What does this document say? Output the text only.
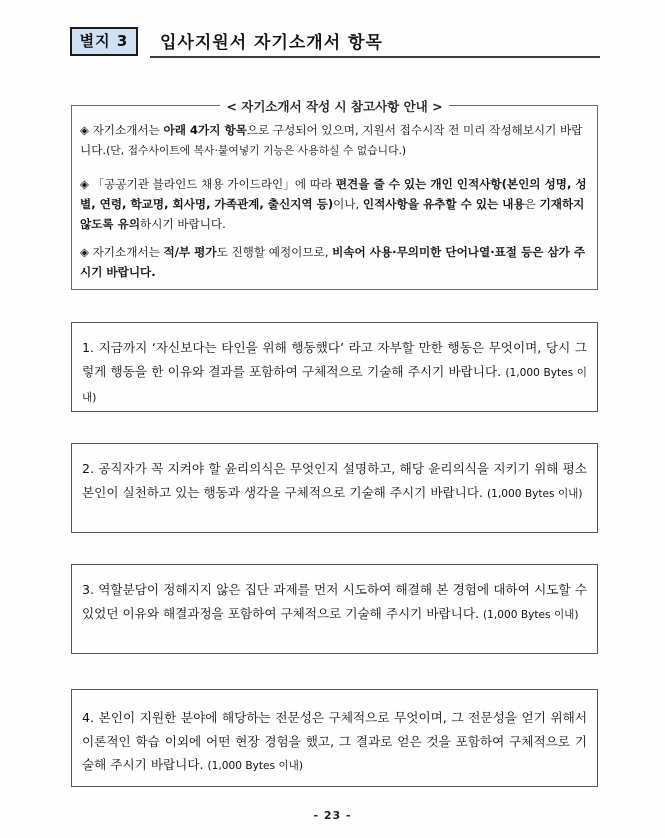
별지 3	입사지원서 자기소개서 항목
< 자기소개서 작성 시 참고사항 안내 >
◈ 자기소개서는 아래 4가지 항목으로 구성되어 있으며, 지원서 접수시작 전 미리 작성해보시기 바랍니다.(단, 접수사이트에 복사·붙여넣기 기능은 사용하실 수 없습니다.)
◈ 「공공기관 블라인드 채용 가이드라인」에 따라 편견을 줄 수 있는 개인 인적사항(본인의 성명, 성별, 연령, 학교명, 회사명, 가족관계, 출신지역 등)이나, 인적사항을 유추할 수 있는 내용은 기재하지 않도록 유의하시기 바랍니다.
◈ 자기소개서는 적/부 평가도 진행할 예정이므로, 비속어 사용·무의미한 단어나열·표절 등은 삼가 주시기 바랍니다.
1. 지금까지 ‘자신보다는 타인을 위해 행동했다’ 라고 자부할 만한 행동은 무엇이며, 당시 그렇게 행동을 한 이유와 결과를 포함하여 구체적으로 기술해 주시기 바랍니다. (1,000 Bytes 이내)
2. 공직자가 꼭 지켜야 할 윤리의식은 무엇인지 설명하고, 해당 윤리의식을 지키기 위해 평소 본인이 실천하고 있는 행동과 생각을 구체적으로 기술해 주시기 바랍니다. (1,000 Bytes 이내)
3. 역할분담이 정해지지 않은 집단 과제를 먼저 시도하여 해결해 본 경험에 대하여 시도할 수 있었던 이유와 해결과정을 포함하여 구체적으로 기술해 주시기 바랍니다. (1,000 Bytes 이내)
4. 본인이 지원한 분야에 해당하는 전문성은 구체적으로 무엇이며, 그 전문성을 얻기 위해서 이론적인 학습 이외에 어떤 현장 경험을 했고, 그 결과로 얻은 것을 포함하여 구체적으로 기술해 주시기 바랍니다. (1,000 Bytes 이내)
- 23 -
